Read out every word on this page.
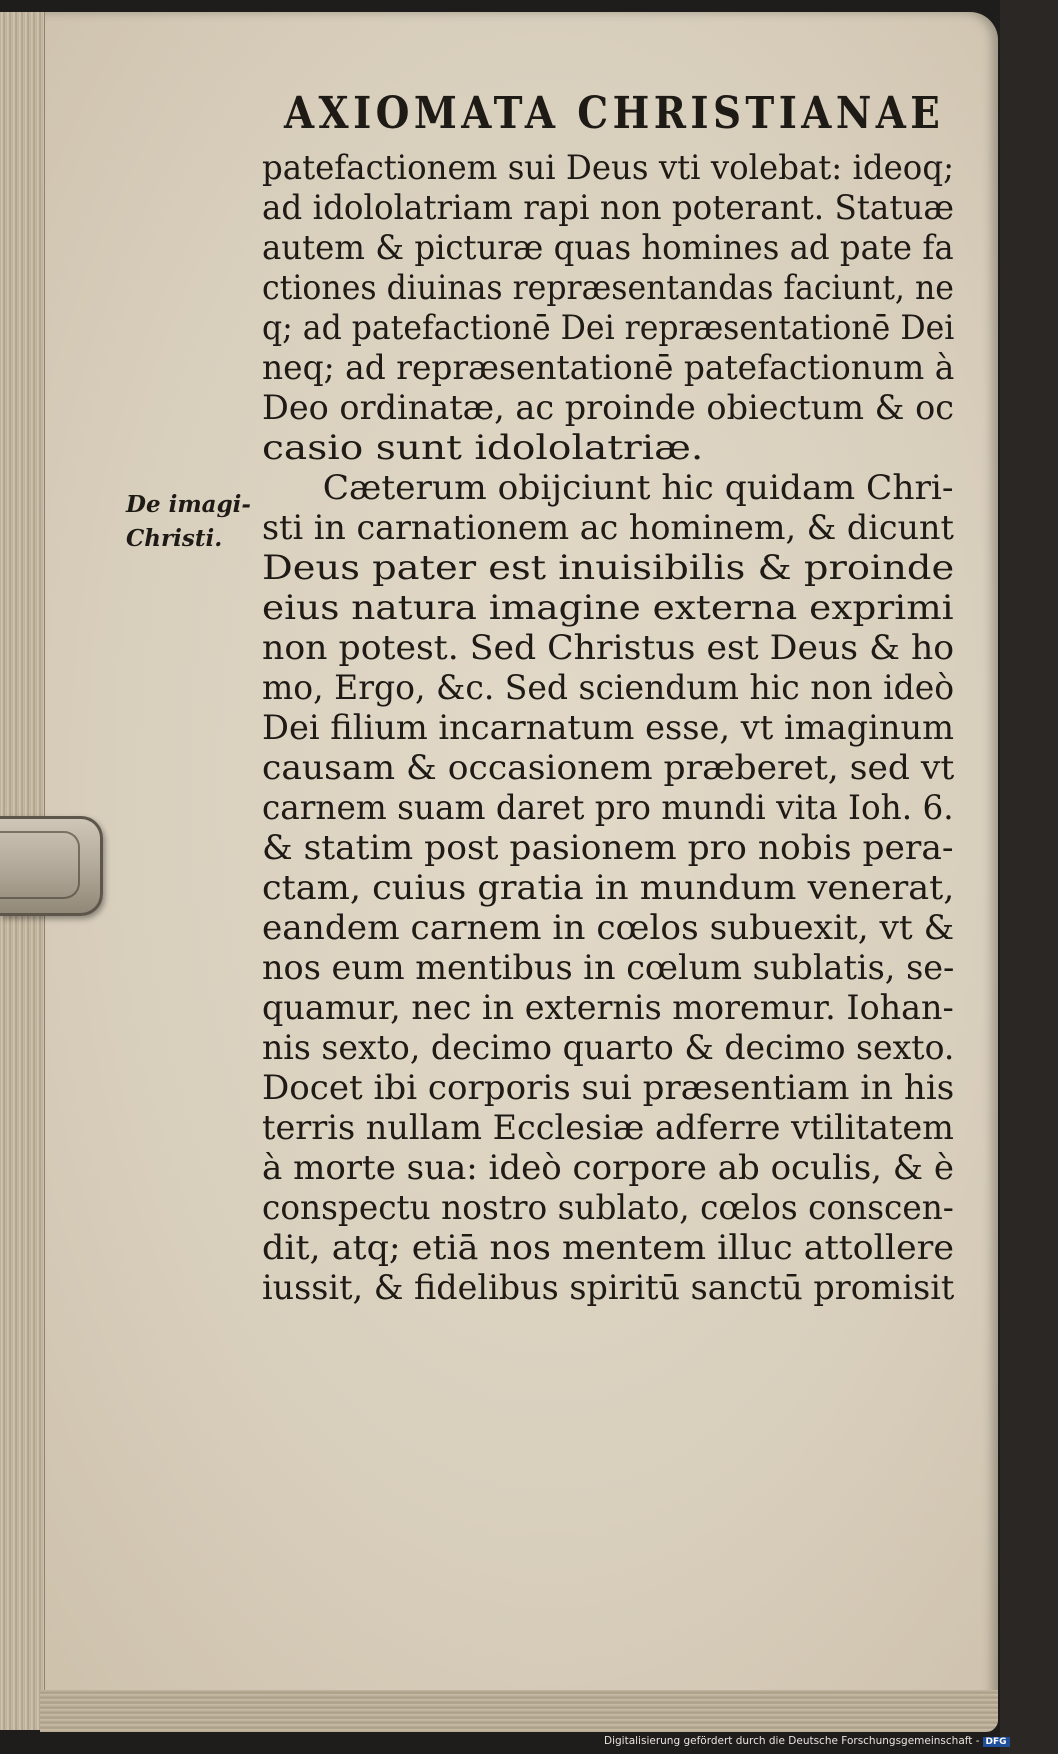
AXIOMATA CHRISTIANAE
De imagi-
Christi.
patefactionem sui Deus vti volebat: ideoq;
ad idololatriam rapi non poterant. Statuæ
autem & picturæ quas homines ad pate fa
ctiones diuinas repræsentandas faciunt, ne
q; ad patefactionē Dei repræsentationē Dei
neq; ad repræsentationē patefactionum à
Deo ordinatæ, ac proinde obiectum & oc
casio sunt idololatriæ.
Cæterum obijciunt hic quidam Chri-
sti in carnationem ac hominem, & dicunt
Deus pater est inuisibilis & proinde
eius natura imagine externa exprimi
non potest. Sed Christus est Deus & ho
mo, Ergo, &c. Sed sciendum hic non ideò
Dei filium incarnatum esse, vt imaginum
causam & occasionem præberet, sed vt
carnem suam daret pro mundi vita Ioh. 6.
& statim post pasionem pro nobis pera-
ctam, cuius gratia in mundum venerat,
eandem carnem in cœlos subuexit, vt &
nos eum mentibus in cœlum sublatis, se-
quamur, nec in externis moremur. Iohan-
nis sexto, decimo quarto & decimo sexto.
Docet ibi corporis sui præsentiam in his
terris nullam Ecclesiæ adferre vtilitatem
à morte sua: ideò corpore ab oculis, & è
conspectu nostro sublato, cœlos conscen-
dit, atq; etiā nos mentem illuc attollere
iussit, & fidelibus spiritū sanctū promisit
Digitalisierung gefördert durch die Deutsche Forschungsgemeinschaft - DFG
